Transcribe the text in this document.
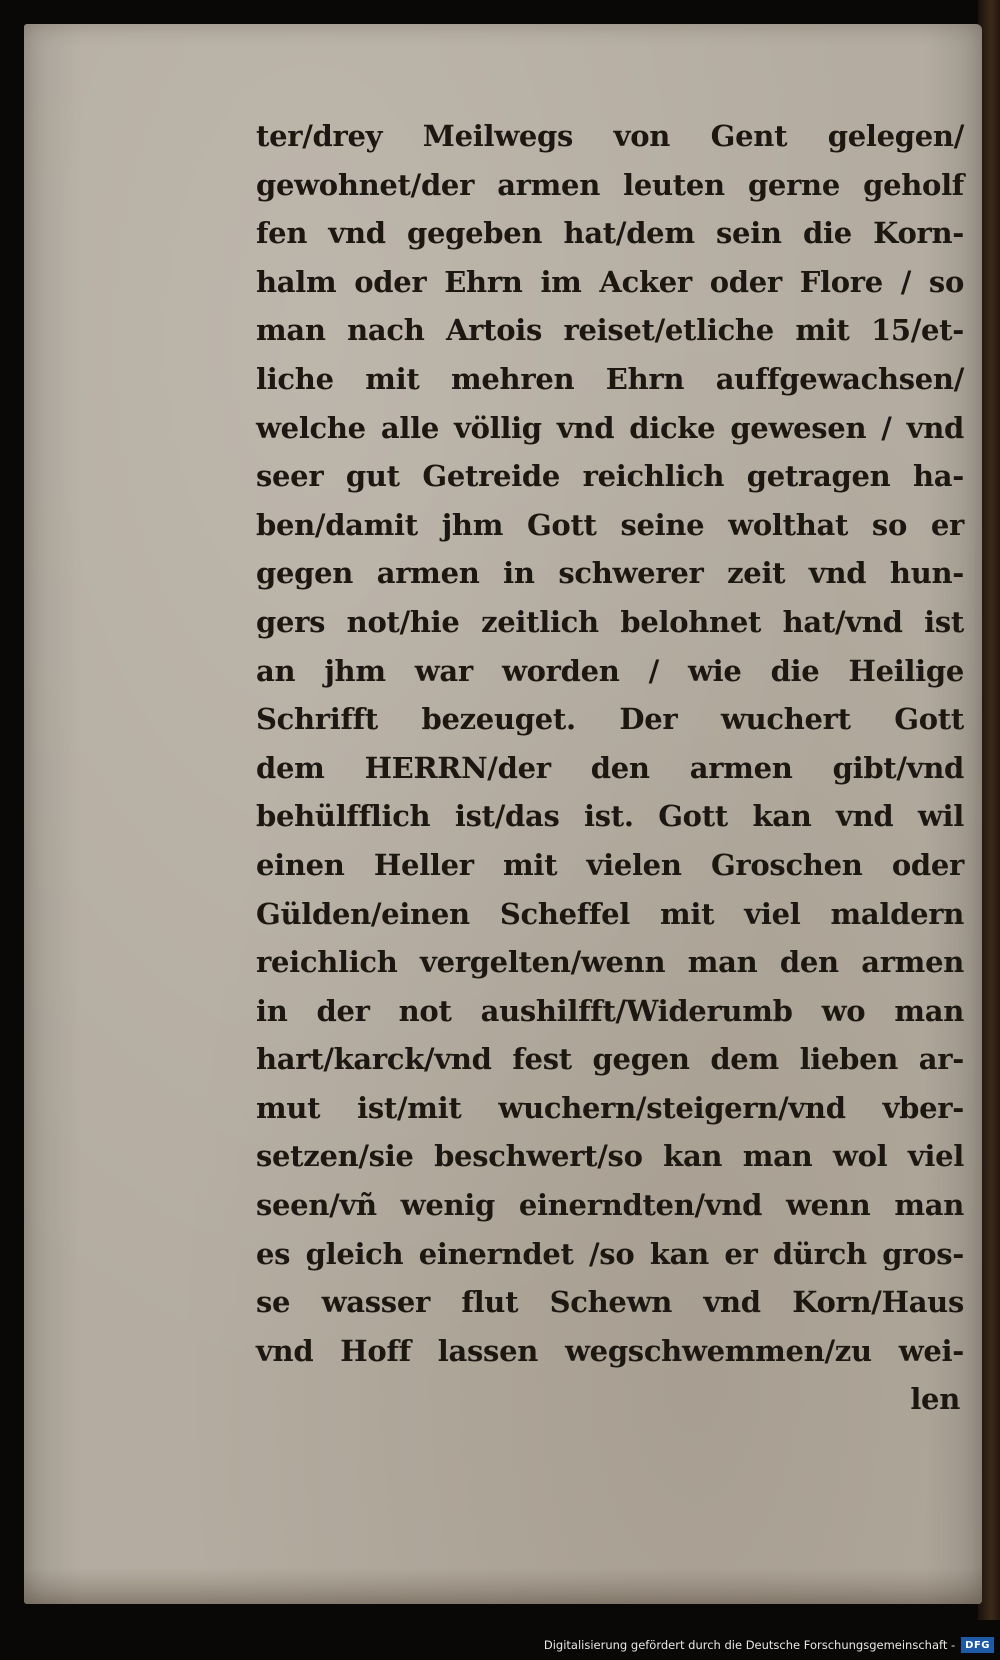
ter/drey Meilwegs von Gent gelegen/
gewohnet/der armen leuten gerne geholf
fen vnd gegeben hat/dem sein die Korn-
halm oder Ehrn im Acker oder Flore / so
man nach Artois reiset/etliche mit 15/et-
liche mit mehren Ehrn auffgewachsen/
welche alle völlig vnd dicke gewesen / vnd
seer gut Getreide reichlich getragen ha-
ben/damit jhm Gott seine wolthat so er
gegen armen in schwerer zeit vnd hun-
gers not/hie zeitlich belohnet hat/vnd ist
an jhm war worden / wie die Heilige
Schrifft bezeuget. Der wuchert Gott
dem HERRN/der den armen gibt/vnd
behülfflich ist/das ist. Gott kan vnd wil
einen Heller mit vielen Groschen oder
Gülden/einen Scheffel mit viel maldern
reichlich vergelten/wenn man den armen
in der not aushilfft/Widerumb wo man
hart/karck/vnd fest gegen dem lieben ar-
mut ist/mit wuchern/steigern/vnd vber-
setzen/sie beschwert/so kan man wol viel
seen/vñ wenig einerndten/vnd wenn man
es gleich einerndet /so kan er dürch gros-
se wasser flut Schewn vnd Korn/Haus
vnd Hoff lassen wegschwemmen/zu wei-
len
Digitalisierung gefördert durch die Deutsche Forschungsgemeinschaft -	DFG
